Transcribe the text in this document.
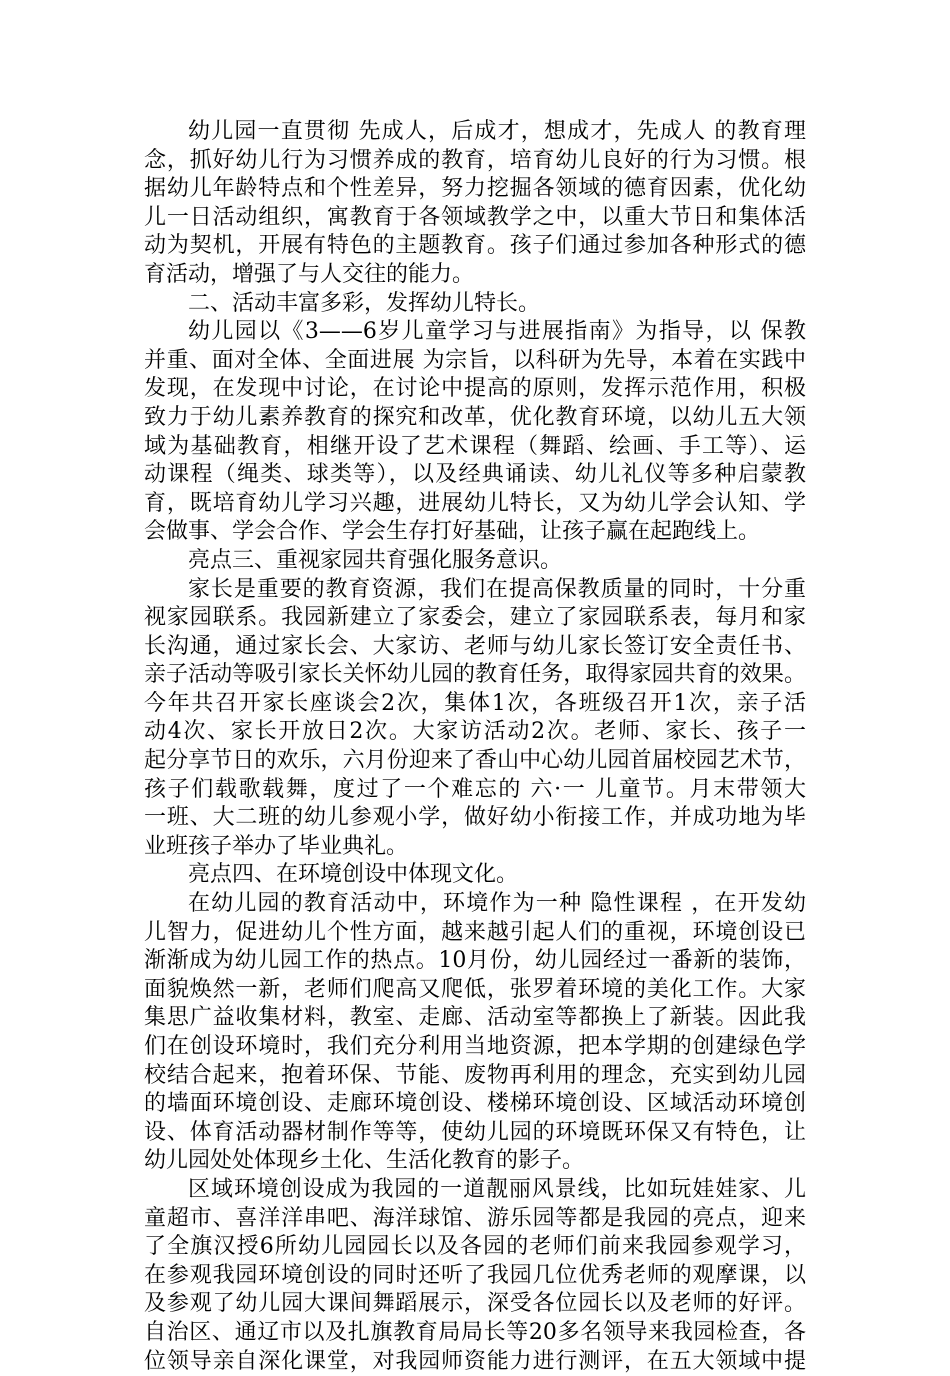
幼儿园一直贯彻 先成人，后成才，想成才，先成人 的教育理
念，抓好幼儿行为习惯养成的教育，培育幼儿良好的行为习惯。根
据幼儿年龄特点和个性差异，努力挖掘各领域的德育因素，优化幼
儿一日活动组织，寓教育于各领域教学之中，以重大节日和集体活
动为契机，开展有特色的主题教育。孩子们通过参加各种形式的德
育活动，增强了与人交往的能力。
二、活动丰富多彩，发挥幼儿特长。
幼儿园以《3——6岁儿童学习与进展指南》为指导，以 保教
并重、面对全体、全面进展 为宗旨，以科研为先导，本着在实践中
发现，在发现中讨论，在讨论中提高的原则，发挥示范作用，积极
致力于幼儿素养教育的探究和改革，优化教育环境，以幼儿五大领
域为基础教育，相继开设了艺术课程（舞蹈、绘画、手工等）、运
动课程（绳类、球类等），以及经典诵读、幼儿礼仪等多种启蒙教
育，既培育幼儿学习兴趣，进展幼儿特长，又为幼儿学会认知、学
会做事、学会合作、学会生存打好基础，让孩子赢在起跑线上。
亮点三、重视家园共育强化服务意识。
家长是重要的教育资源，我们在提高保教质量的同时，十分重
视家园联系。我园新建立了家委会，建立了家园联系表，每月和家
长沟通，通过家长会、大家访、老师与幼儿家长签订安全责任书、
亲子活动等吸引家长关怀幼儿园的教育任务，取得家园共育的效果。
今年共召开家长座谈会2次，集体1次，各班级召开1次，亲子活
动4次、家长开放日2次。大家访活动2次。老师、家长、孩子一
起分享节日的欢乐，六月份迎来了香山中心幼儿园首届校园艺术节，
孩子们载歌载舞，度过了一个难忘的 六·一 儿童节。月末带领大
一班、大二班的幼儿参观小学，做好幼小衔接工作，并成功地为毕
业班孩子举办了毕业典礼。
亮点四、在环境创设中体现文化。
在幼儿园的教育活动中，环境作为一种 隐性课程 ，在开发幼
儿智力，促进幼儿个性方面，越来越引起人们的重视，环境创设已
渐渐成为幼儿园工作的热点。10月份，幼儿园经过一番新的装饰，
面貌焕然一新，老师们爬高又爬低，张罗着环境的美化工作。大家
集思广益收集材料，教室、走廊、活动室等都换上了新装。因此我
们在创设环境时，我们充分利用当地资源，把本学期的创建绿色学
校结合起来，抱着环保、节能、废物再利用的理念，充实到幼儿园
的墙面环境创设、走廊环境创设、楼梯环境创设、区域活动环境创
设、体育活动器材制作等等，使幼儿园的环境既环保又有特色，让
幼儿园处处体现乡土化、生活化教育的影子。
区域环境创设成为我园的一道靓丽风景线，比如玩娃娃家、儿
童超市、喜洋洋串吧、海洋球馆、游乐园等都是我园的亮点，迎来
了全旗汉授6所幼儿园园长以及各园的老师们前来我园参观学习，
在参观我园环境创设的同时还听了我园几位优秀老师的观摩课，以
及参观了幼儿园大课间舞蹈展示，深受各位园长以及老师的好评。
自治区、通辽市以及扎旗教育局局长等20多名领导来我园检查，各
位领导亲自深化课堂，对我园师资能力进行测评，在五大领域中提
